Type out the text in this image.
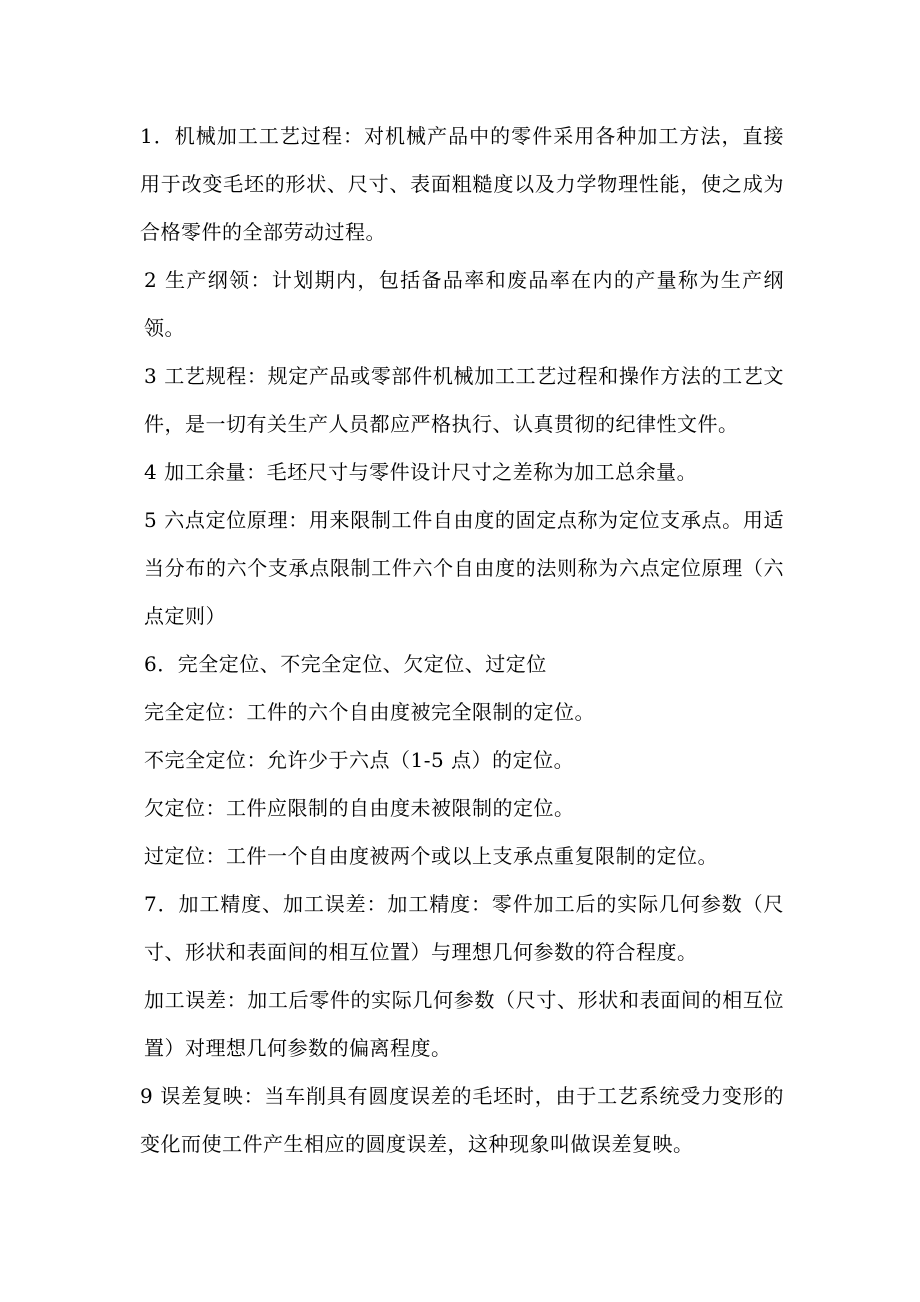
1．机械加工工艺过程：对机械产品中的零件采用各种加工方法，直接用于改变毛坯的形状、尺寸、表面粗糙度以及力学物理性能，使之成为合格零件的全部劳动过程。

2 生产纲领：计划期内，包括备品率和废品率在内的产量称为生产纲领。

3 工艺规程：规定产品或零部件机械加工工艺过程和操作方法的工艺文件，是一切有关生产人员都应严格执行、认真贯彻的纪律性文件。

4 加工余量：毛坯尺寸与零件设计尺寸之差称为加工总余量。

5 六点定位原理：用来限制工件自由度的固定点称为定位支承点。用适当分布的六个支承点限制工件六个自由度的法则称为六点定位原理（六点定则）

6．完全定位、不完全定位、欠定位、过定位

完全定位：工件的六个自由度被完全限制的定位。

不完全定位：允许少于六点（1-5 点）的定位。

欠定位：工件应限制的自由度未被限制的定位。

过定位：工件一个自由度被两个或以上支承点重复限制的定位。

7．加工精度、加工误差：加工精度：零件加工后的实际几何参数（尺寸、形状和表面间的相互位置）与理想几何参数的符合程度。

加工误差：加工后零件的实际几何参数（尺寸、形状和表面间的相互位置）对理想几何参数的偏离程度。

9 误差复映：当车削具有圆度误差的毛坯时，由于工艺系统受力变形的变化而使工件产生相应的圆度误差，这种现象叫做误差复映。
